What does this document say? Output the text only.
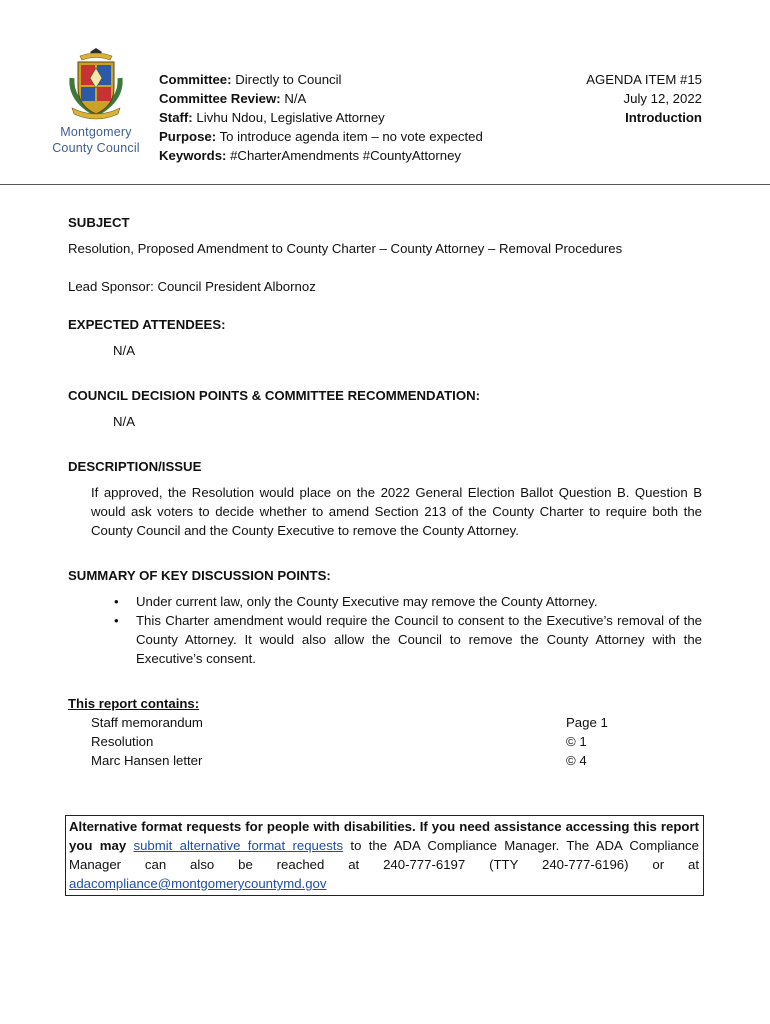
Montgomery
County Council
Committee: Directly to Council
Committee Review: N/A
Staff: Livhu Ndou, Legislative Attorney
Purpose: To introduce agenda item – no vote expected
Keywords: #CharterAmendments #CountyAttorney
AGENDA ITEM #15
July 12, 2022
Introduction
SUBJECT

Resolution, Proposed Amendment to County Charter – County Attorney – Removal Procedures

Lead Sponsor: Council President Albornoz

EXPECTED ATTENDEES:

N/A

COUNCIL DECISION POINTS & COMMITTEE RECOMMENDATION:

N/A

DESCRIPTION/ISSUE

If approved, the Resolution would place on the 2022 General Election Ballot Question B. Question B would ask voters to decide whether to amend Section 213 of the County Charter to require both the County Council and the County Executive to remove the County Attorney.

SUMMARY OF KEY DISCUSSION POINTS:
• Under current law, only the County Executive may remove the County Attorney.
• This Charter amendment would require the Council to consent to the Executive’s removal of the County Attorney. It would also allow the Council to remove the County Attorney with the Executive’s consent.
This report contains:
Staff memorandum	Page 1
Resolution	© 1
Marc Hansen letter	© 4
Alternative format requests for people with disabilities. If you need assistance accessing this report you may submit alternative format requests to the ADA Compliance Manager. The ADA Compliance Manager can also be reached at 240-777-6197 (TTY 240-777-6196) or at adacompliance@montgomerycountymd.gov
